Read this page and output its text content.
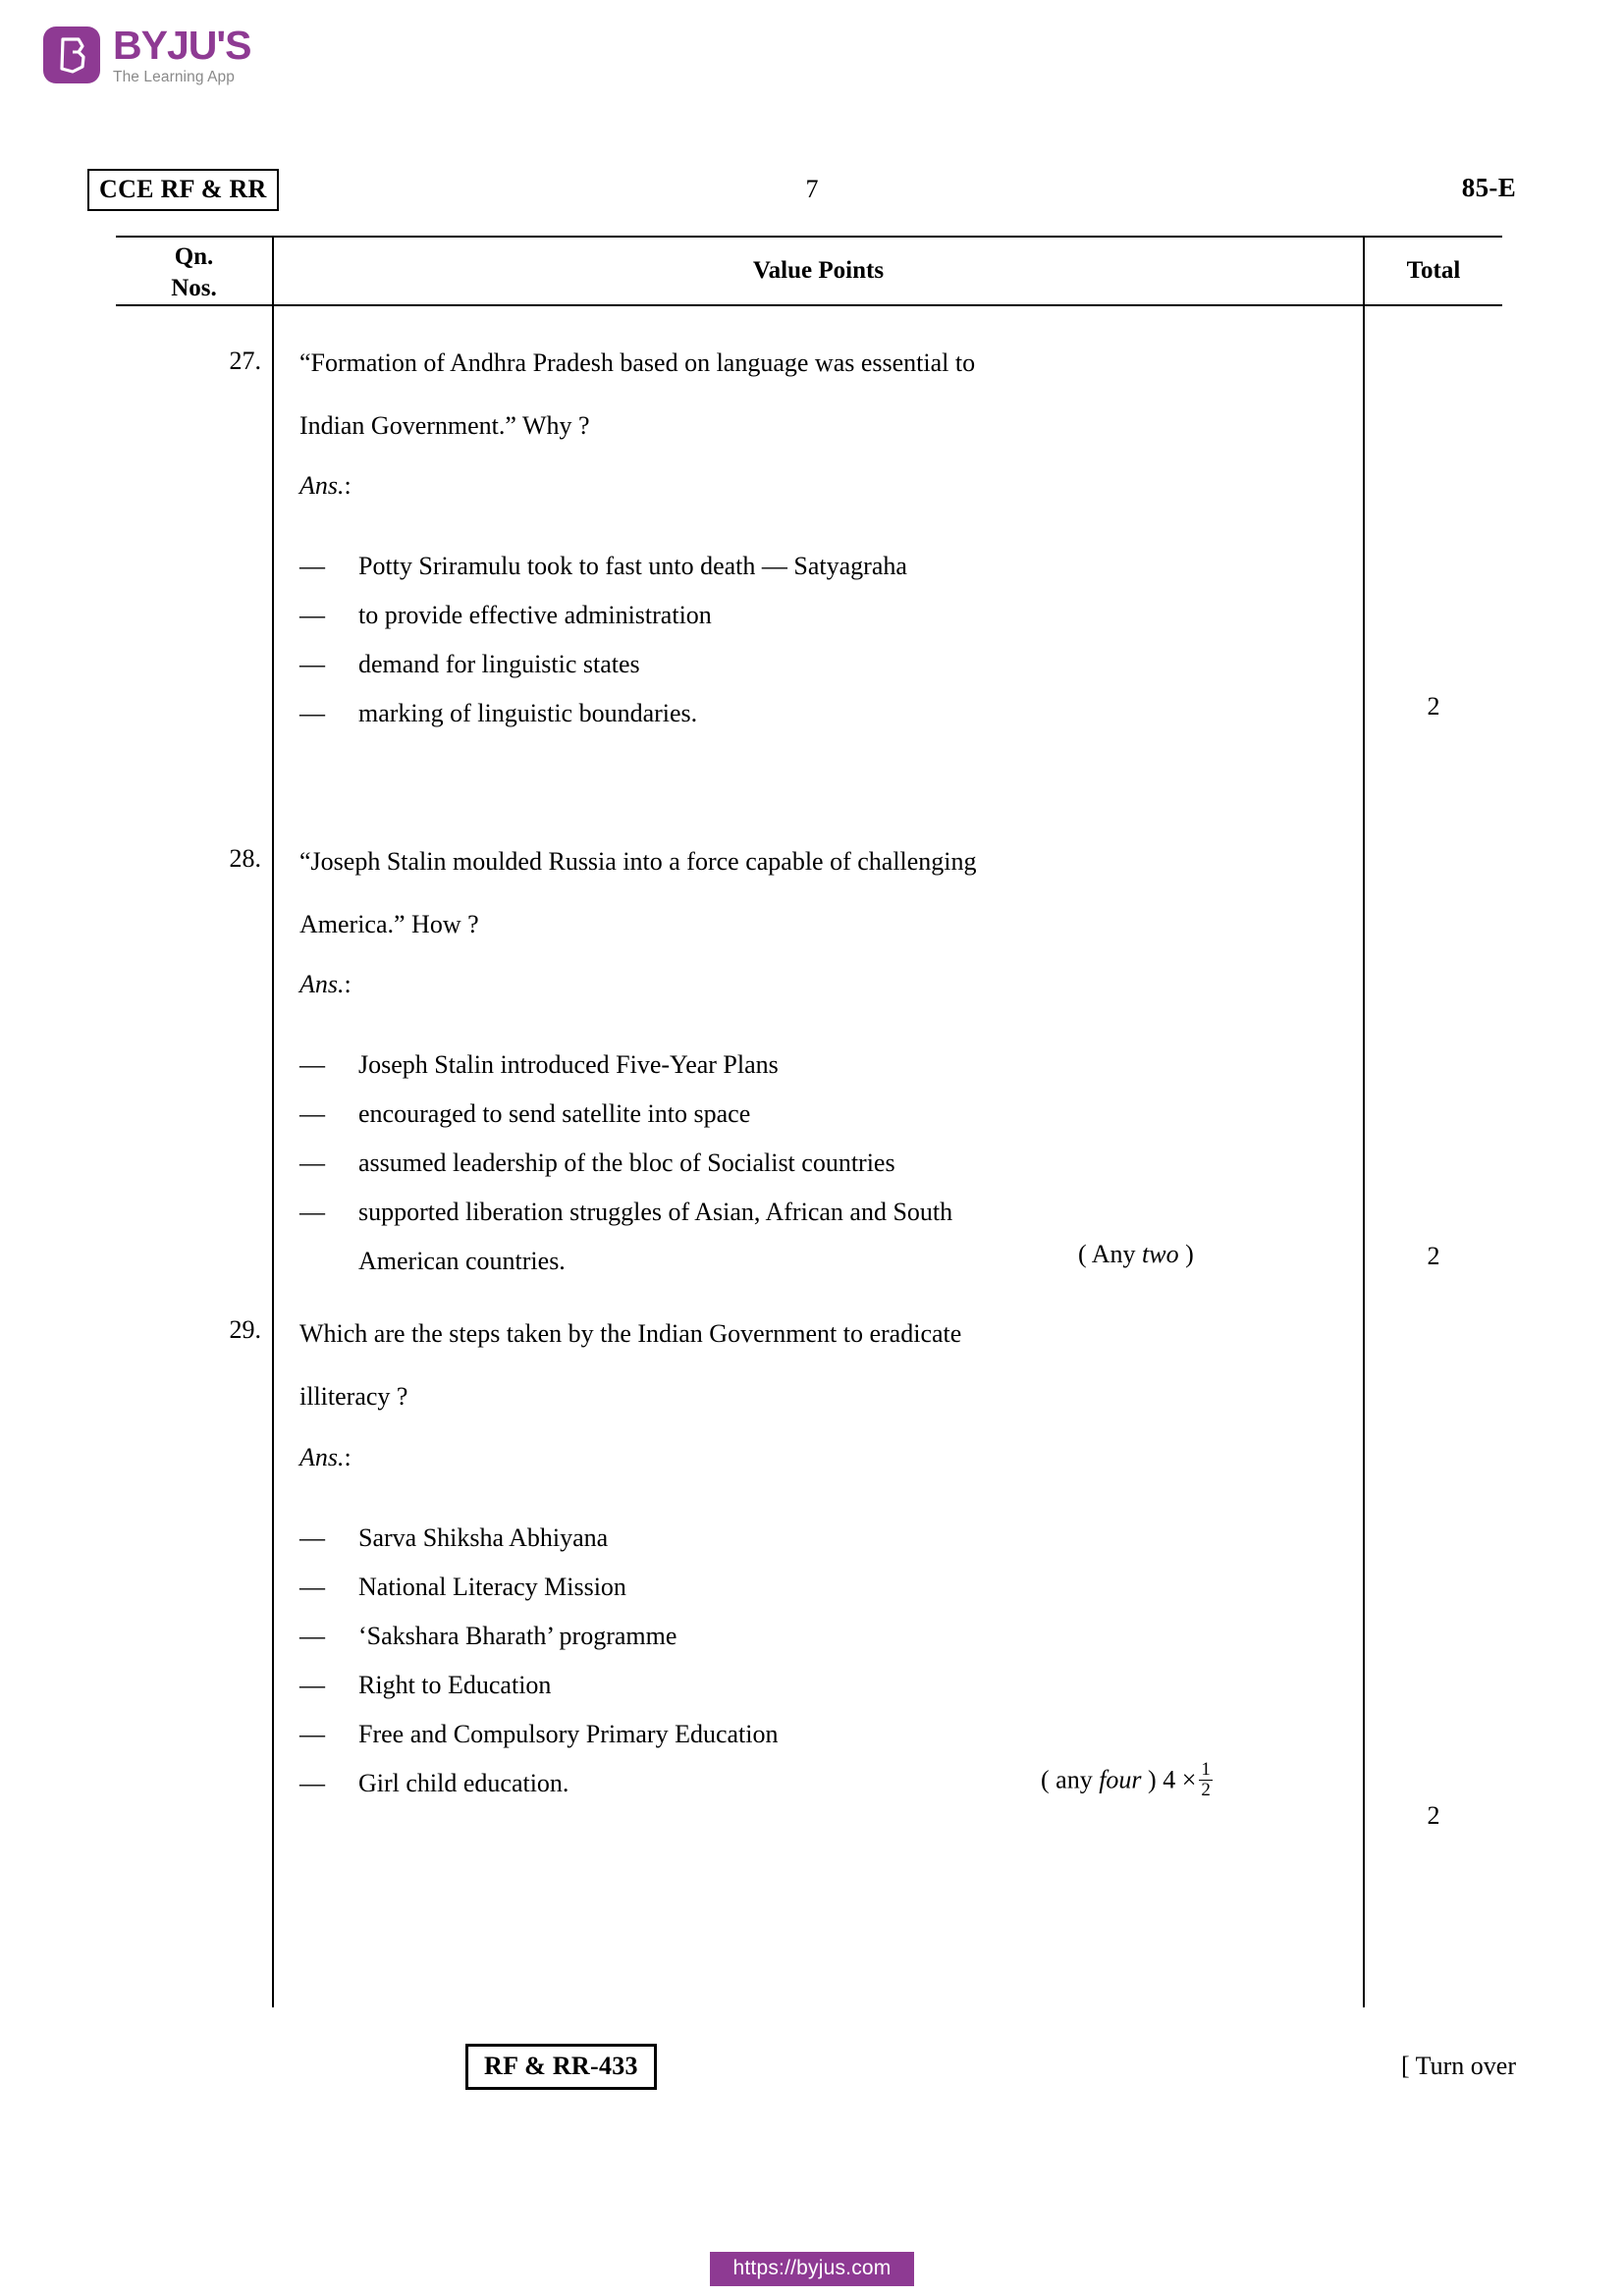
BYJU'S
The Learning App
CCE RF & RR	7	85-E
Qn.
Nos.
Value Points	Total
27. “Formation of Andhra Pradesh based on language was essential to
Indian Government.” Why ?
Ans.:
— Potty Sriramulu took to fast unto death — Satyagraha
— to provide effective administration
— demand for linguistic states
— marking of linguistic boundaries.	2
28. “Joseph Stalin moulded Russia into a force capable of challenging
America.” How ?
Ans.:
— Joseph Stalin introduced Five-Year Plans
— encouraged to send satellite into space
— assumed leadership of the bloc of Socialist countries
— supported liberation struggles of Asian, African and South
American countries.	( Any two )	2
29. Which are the steps taken by the Indian Government to eradicate
illiteracy ?
Ans.:
— Sarva Shiksha Abhiyana
— National Literacy Mission
— ‘Sakshara Bharath’ programme
— Right to Education
— Free and Compulsory Primary Education
— Girl child education.	( any four ) $4 \times \frac{1}{2}$
2
RF & RR-433	[ Turn over
https://byjus.com
